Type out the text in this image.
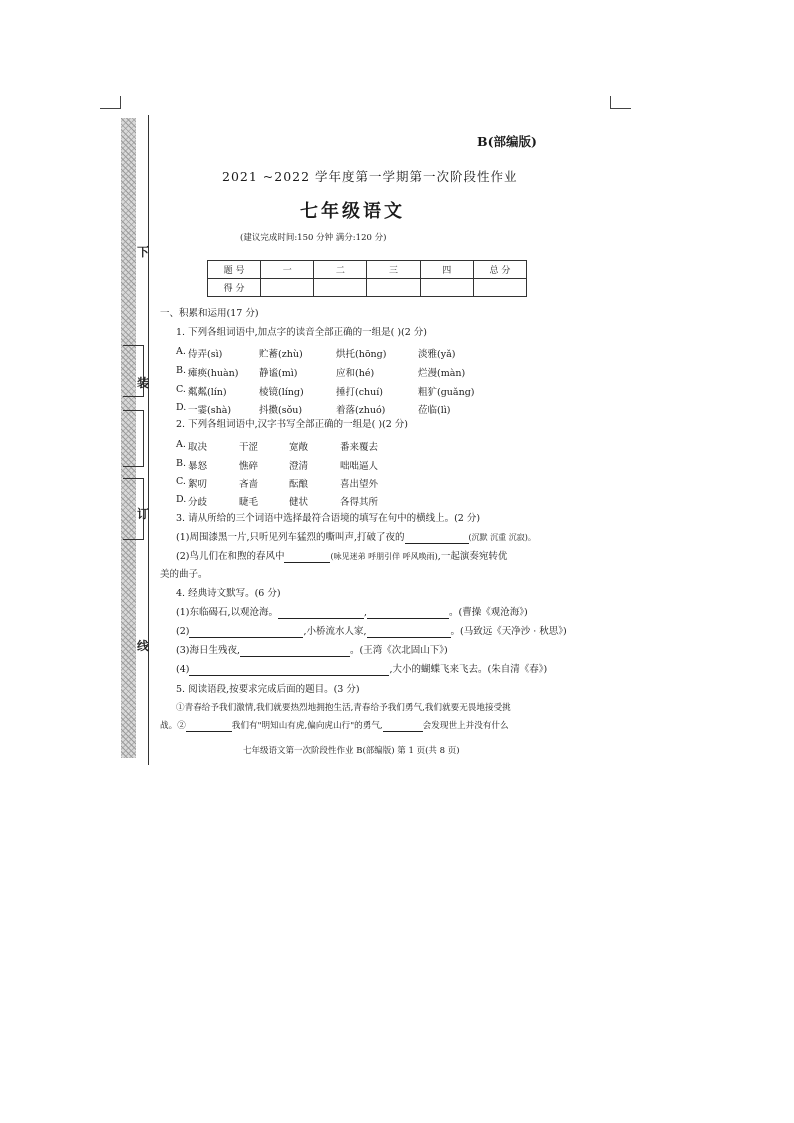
下
装
订
线
B(部编版)
2021 ~2022 学年度第一学期第一次阶段性作业
七年级语文
(建议完成时间:150 分钟 满分:120 分)
题 号	一	二	三	四	总 分
得 分					
一、积累和运用(17 分)
1. 下列各组词语中,加点字的读音全部正确的一组是( )(2 分)
A. 侍弄(sì)	贮蓄(zhù)	烘托(hōng)	淡雅(yǎ)
B. 瘫痪(huàn) 静谧(mì)	应和(hé)	烂漫(màn)
C. 粼粼(lín)	棱镜(líng)	捶打(chuí)	粗犷(guǎng)
D. 一霎(shà)	抖擞(sǒu)	着落(zhuó)	莅临(lì)
2. 下列各组词语中,汉字书写全部正确的一组是( )(2 分)
A. 取决	干涩	宽敞	番来覆去
B. 暴怒	憔碎	澄清	咄咄逼人
C. 絮叨	吝啬	酝酿	喜出望外
D. 分歧	睫毛	健状	各得其所
3. 请从所给的三个词语中选择最符合语境的填写在句中的横线上。(2 分)
(1)周围漆黑一片,只听见列车猛烈的嘶叫声,打破了夜的	(沉默 沉重 沉寂)。
(2)鸟儿们在和煦的春风中	(咏见迷弟 呼朋引伴 呼风唤雨),一起演奏宛转优
美的曲子。
4. 经典诗文默写。(6 分)
(1)东临碣石,以观沧海。	,	。(曹操《观沧海》)
(2)	,小桥流水人家,	。(马致远《天净沙 · 秋思》)
(3)海日生残夜,	。(王湾《次北固山下》)
(4)	,大小的蝴蝶飞来飞去。(朱自清《春》)
5. 阅读语段,按要求完成后面的题目。(3 分)
①青春给予我们激情,我们就要热烈地拥抱生活,青春给予我们勇气,我们就要无畏地接受挑
战。②	我们有"明知山有虎,偏向虎山行"的勇气,	会发现世上并没有什么
七年级语文第一次阶段性作业 B(部编版) 第 1 页(共 8 页)
